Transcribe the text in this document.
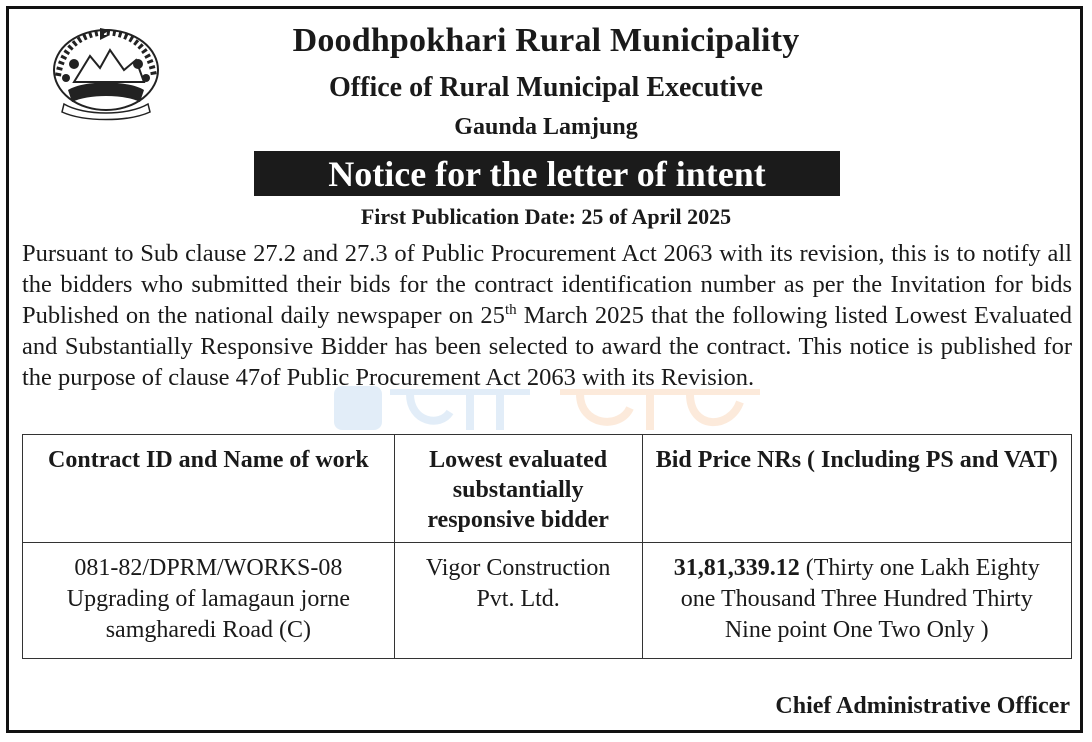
Doodhpokhari Rural Municipality
Office of Rural Municipal Executive
Gaunda Lamjung
Notice for the letter of intent
First Publication Date: 25 of April 2025
Pursuant to Sub clause 27.2 and 27.3 of Public Procurement Act 2063 with its revision, this is to notify all the bidders who submitted their bids for the contract identification number as per the Invitation for bids Published on the national daily newspaper on 25th March 2025 that the following listed Lowest Evaluated and Substantially Responsive Bidder has been selected to award the contract. This notice is published for the purpose of clause 47of Public Procurement Act 2063 with its Revision.
Contract ID and Name of work	Lowest evaluated substantially responsive bidder	Bid Price NRs ( Including PS and VAT)

081-82/DPRM/WORKS-08
Upgrading of lamagaun jorne samgharedi Road (C)	Vigor Construction Pvt. Ltd.	31,81,339.12 (Thirty one Lakh Eighty one Thousand Three Hundred Thirty Nine point One Two Only )
Chief Administrative Officer
